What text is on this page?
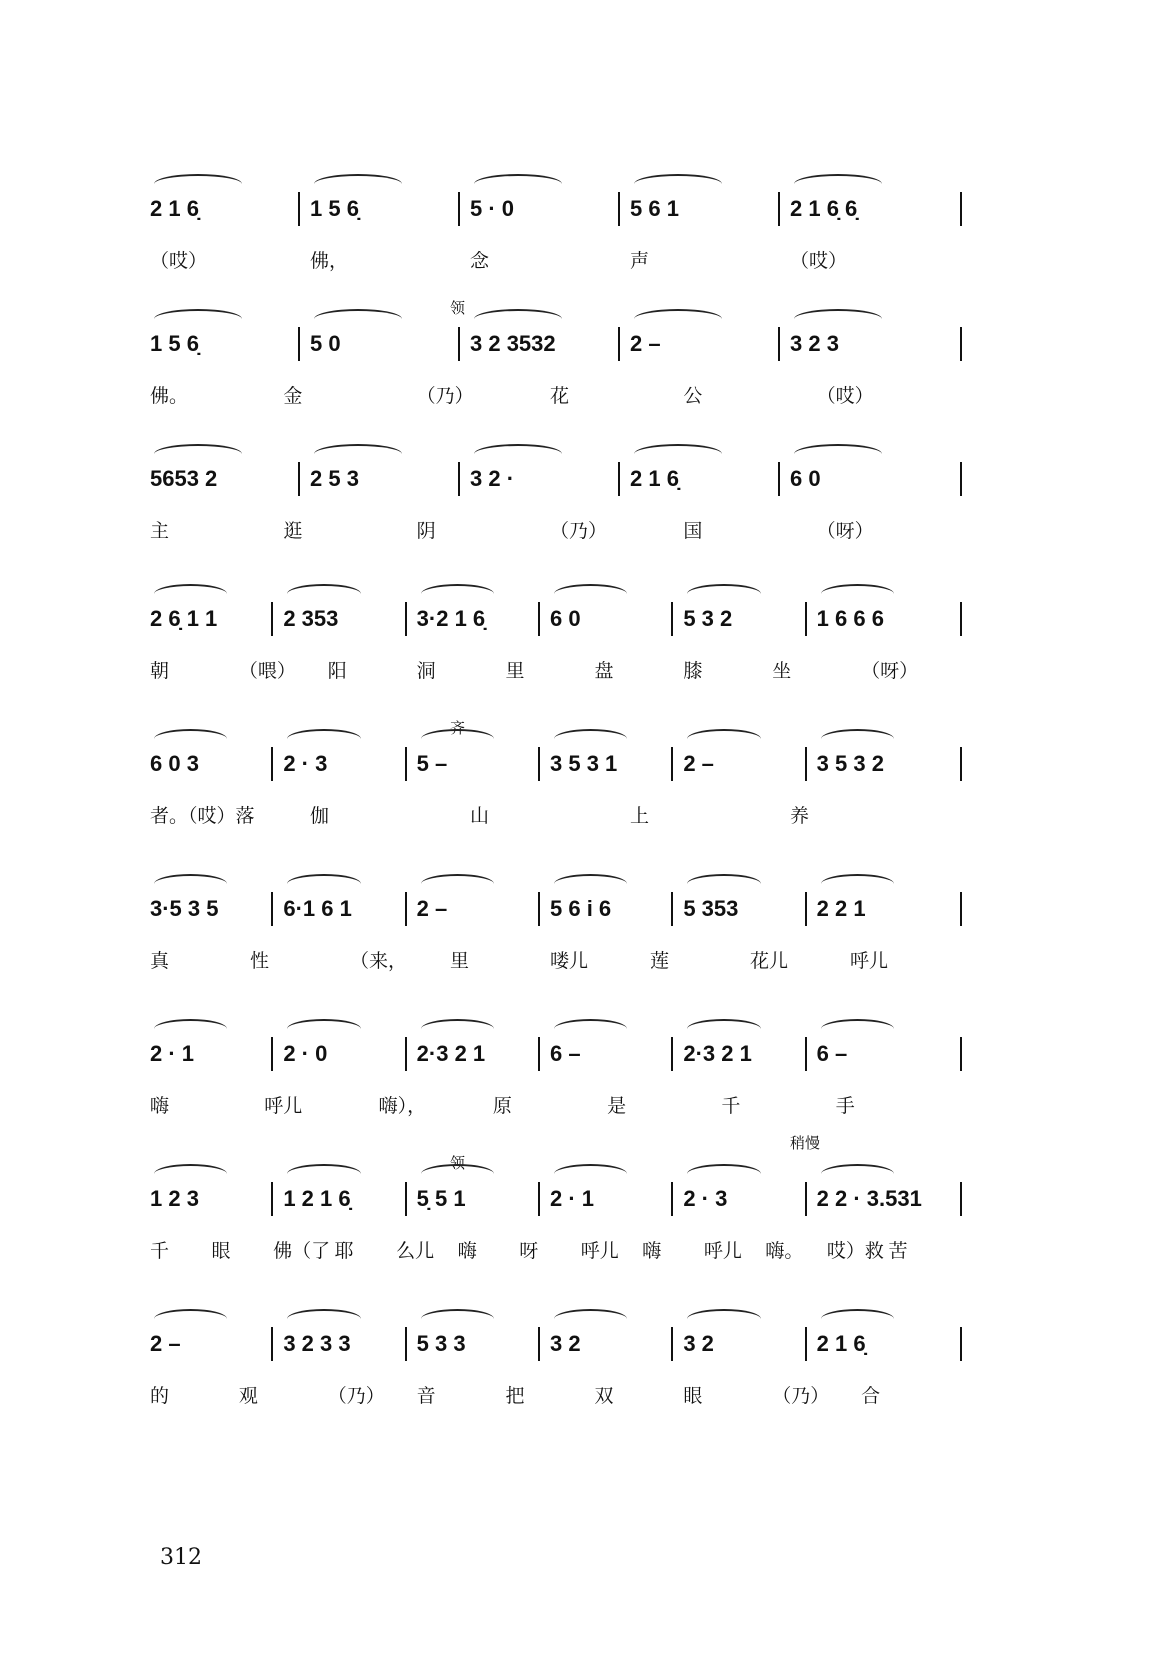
2 1 6̣	1 5 6̣	5 · 0	5 6 1	2 1 6̣ 6̣
（哎）	佛，	念	声	（哎）
领
1 5 6̣	5 0	3 2 3532	2 –	3 2 3
佛。	金	（乃）	花	公	（哎）
5653 2	2 5 3	3 2 ·	2 1 6̣	6 0
主	逛	阴	（乃）	国	（呀）
2 6̣ 1 1	2 353	3·2 1 6̣	6 0	5 3 2	1 6 6 6
朝	（喂） 阳	洞	里	盘	膝	坐	（呀）
齐
6 0 3	2 · 3	5 –	3 5 3 1	2 –	3 5 3 2
者。（哎）落	伽	山	上	养
3·5 3 5	6·1 6 1	2 –	5 6 i 6	5 353	2 2 1
真	性	（来， 里	喽儿	莲	花儿	呼儿
2 · 1	2 · 0	2·3 2 1	6 –	2·3 2 1	6 –
嗨	呼儿	嗨），	原	是	千	手
领
稍慢
1 2 3	1 2 1 6̣	5̣ 5 1	2 · 1	2 · 3	2 2 · 3.531
千 眼 佛（了 耶 么儿 嗨 呀 呼儿 嗨 呼儿 嗨。 哎）救 苦
2 –	3 2 3 3	5 3 3	3 2	3 2	2 1 6̣
的	观	（乃） 音	把	双	眼	（乃） 合
312
